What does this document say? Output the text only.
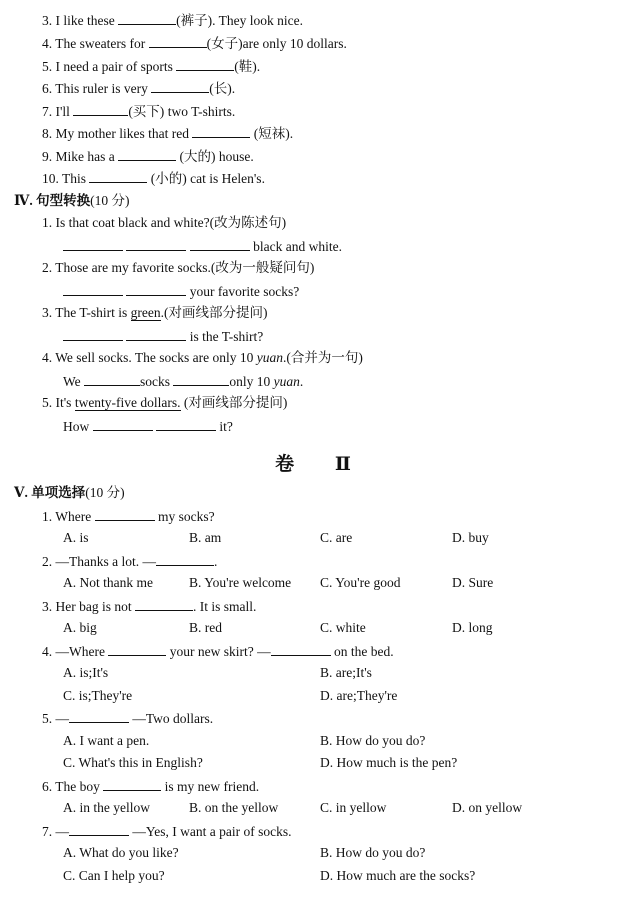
3. I like these	(裤子). They look nice.
4. The sweaters for	(女子)are only 10 dollars.
5. I need a pair of sports	(鞋).
6. This ruler is very	(长).
7. I'll	(买下) two T-shirts.
8. My mother likes that red	(短袜).
9. Mike has a	(大的) house.
10. This	(小的) cat is Helen's.
Ⅳ. 句型转换(10 分)
1. Is that coat black and white?(改为陈述句)
black and white.
2. Those are my favorite socks.(改为一般疑问句)
your favorite socks?
3. The T-shirt is green.(对画线部分提问)
is the T-shirt?
4. We sell socks. The socks are only 10 yuan.(合并为一句)
We	socks	only 10 yuan.
5. It's twenty-five dollars. (对画线部分提问)
How	it?
卷 Ⅱ
Ⅴ. 单项选择(10 分)
1. Where	my socks?
A. is	B. am	C. are	D. buy
2. —Thanks a lot. —	.
A. Not thank me	B. You're welcome C. You're good	D. Sure
3. Her bag is not	. It is small.
A. big	B. red	C. white	D. long
4. —Where	your new skirt? —	on the bed.
A. is;It's	B. are;It's
C. is;They're	D. are;They're
5. —	—Two dollars.
A. I want a pen.	B. How do you do?
C. What's this in English?	D. How much is the pen?
6. The boy	is my new friend.
A. in the yellow	B. on the yellow	C. in yellow	D. on yellow
7. —	—Yes, I want a pair of socks.
A. What do you like?	B. How do you do?
C. Can I help you?	D. How much are the socks?
